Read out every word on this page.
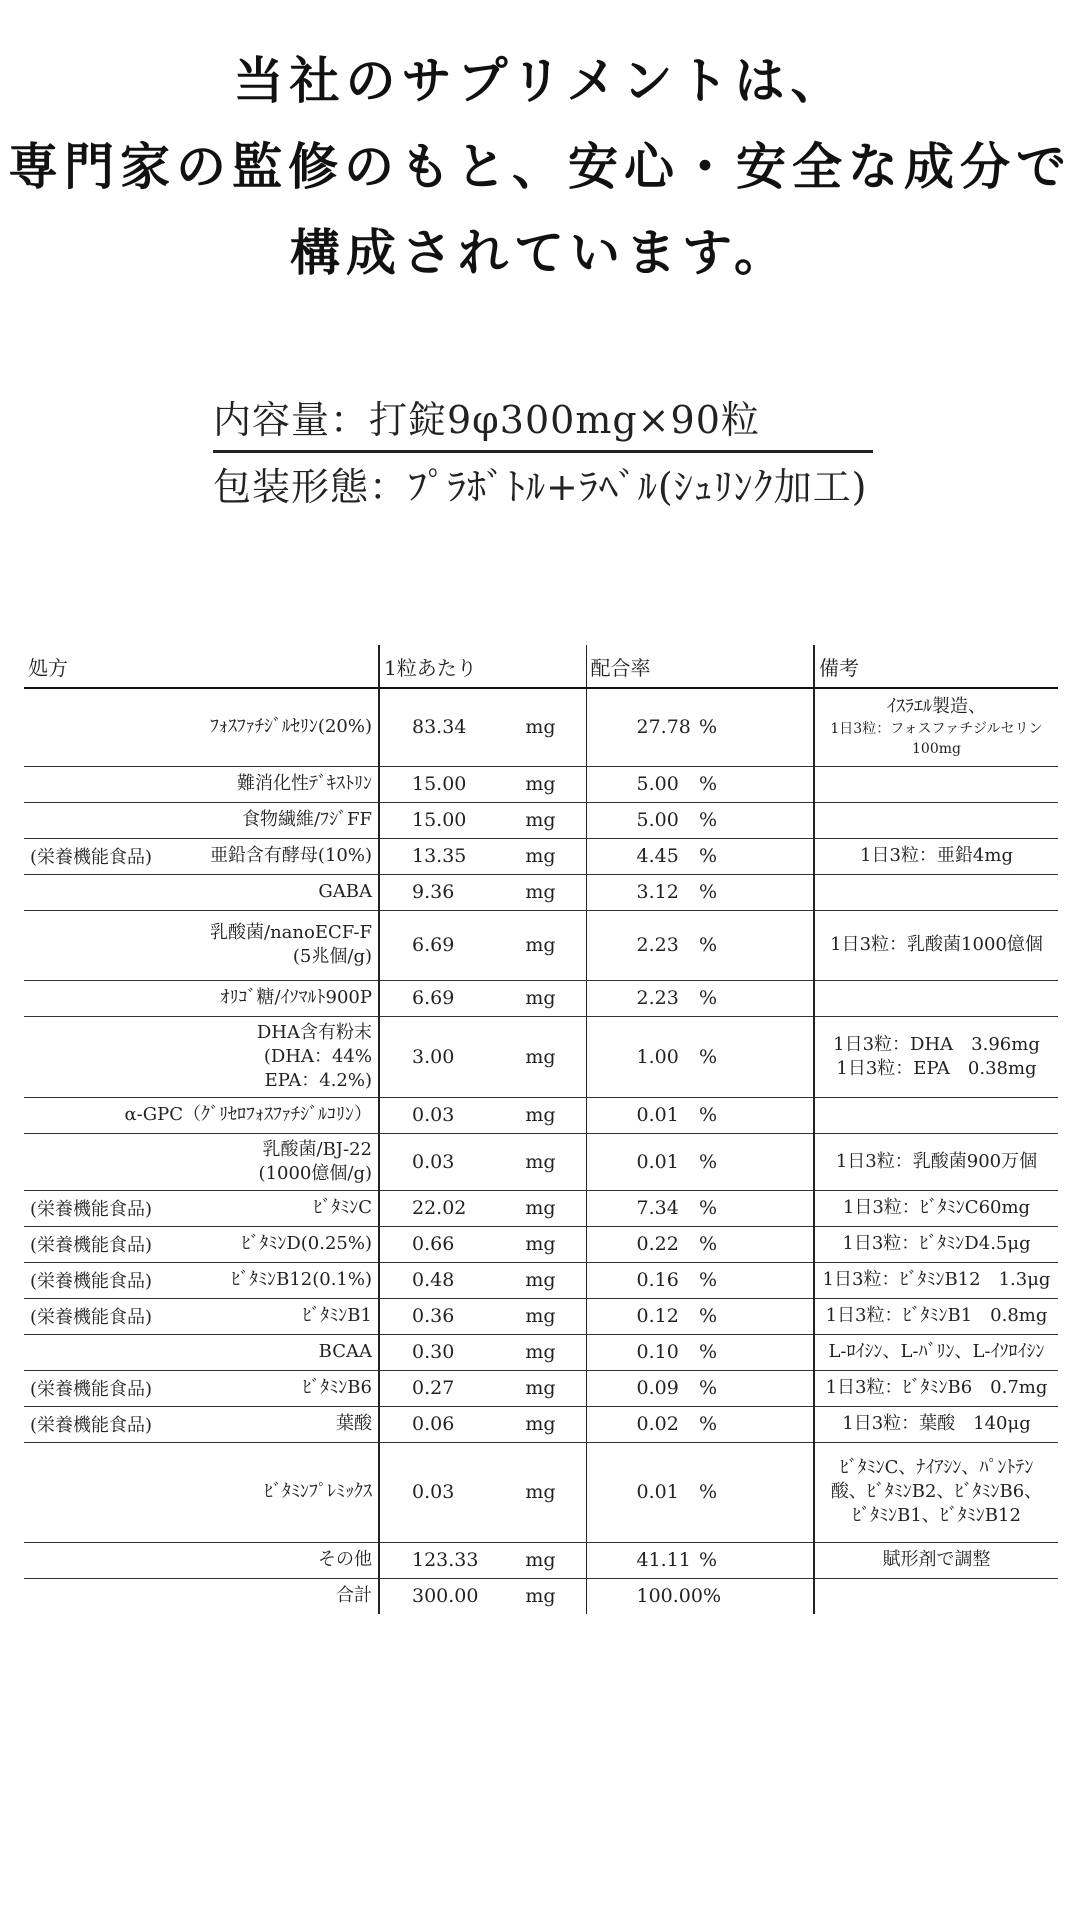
当社のサプリメントは、
専門家の監修のもと、安心・安全な成分で
構成されています。
内容量：打錠9φ300mg×90粒
包装形態：ﾌﾟﾗﾎﾞﾄﾙ+ﾗﾍﾞﾙ(ｼｭﾘﾝｸ加工)
処方	1粒あたり	配合率	備考

ﾌｫｽﾌｧﾁｼﾞﾙｾﾘﾝ(20%)	83.34 mg	27.78 %	ｲｽﾗｴﾙ製造、
1日3粒：フォスファチジルセリン 100mg

難消化性ﾃﾞｷｽﾄﾘﾝ	15.00 mg	5.00 %	

食物繊維/ﾌｼﾞFF	15.00 mg	5.00 %	

(栄養機能食品) 亜鉛含有酵母(10%)	13.35 mg	4.45 %	1日3粒：亜鉛4mg

GABA	9.36 mg	3.12 %	

乳酸菌/nanoECF-F
(5兆個/g)	6.69 mg	2.23 %	1日3粒：乳酸菌1000億個

ｵﾘｺﾞ糖/ｲｿﾏﾙﾄ900P	6.69 mg	2.23 %	

DHA含有粉末
(DHA：44%
EPA：4.2%)	3.00 mg	1.00 %	1日3粒：DHA　3.96mg
1日3粒：EPA　0.38mg

α-GPC（ｸﾞﾘｾﾛﾌｫｽﾌｧﾁｼﾞﾙｺﾘﾝ）	0.03 mg	0.01 %	

乳酸菌/BJ-22
(1000億個/g)	0.03 mg	0.01 %	1日3粒：乳酸菌900万個

(栄養機能食品) ﾋﾞﾀﾐﾝC	22.02 mg	7.34 %	1日3粒：ﾋﾞﾀﾐﾝC60mg

(栄養機能食品) ﾋﾞﾀﾐﾝD(0.25%)	0.66 mg	0.22 %	1日3粒：ﾋﾞﾀﾐﾝD4.5μg

(栄養機能食品) ﾋﾞﾀﾐﾝB12(0.1%)	0.48 mg	0.16 %	1日3粒：ﾋﾞﾀﾐﾝB12　1.3μg

(栄養機能食品) ﾋﾞﾀﾐﾝB1	0.36 mg	0.12 %	1日3粒：ﾋﾞﾀﾐﾝB1　0.8mg

BCAA	0.30 mg	0.10 %	L-ﾛｲｼﾝ、L-ﾊﾞﾘﾝ、L-ｲｿﾛｲｼﾝ

(栄養機能食品) ﾋﾞﾀﾐﾝB6	0.27 mg	0.09 %	1日3粒：ﾋﾞﾀﾐﾝB6　0.7mg

(栄養機能食品) 葉酸	0.06 mg	0.02 %	1日3粒：葉酸　140μg

ﾋﾞﾀﾐﾝﾌﾟﾚﾐｯｸｽ	0.03 mg	0.01 %	ﾋﾞﾀﾐﾝC、ﾅｲｱｼﾝ、ﾊﾟﾝﾄﾃﾝ
酸、ﾋﾞﾀﾐﾝB2、ﾋﾞﾀﾐﾝB6、
ﾋﾞﾀﾐﾝB1、ﾋﾞﾀﾐﾝB12

その他	123.33 mg	41.11 %	賦形剤で調整

合計	300.00 mg	100.00 %	
